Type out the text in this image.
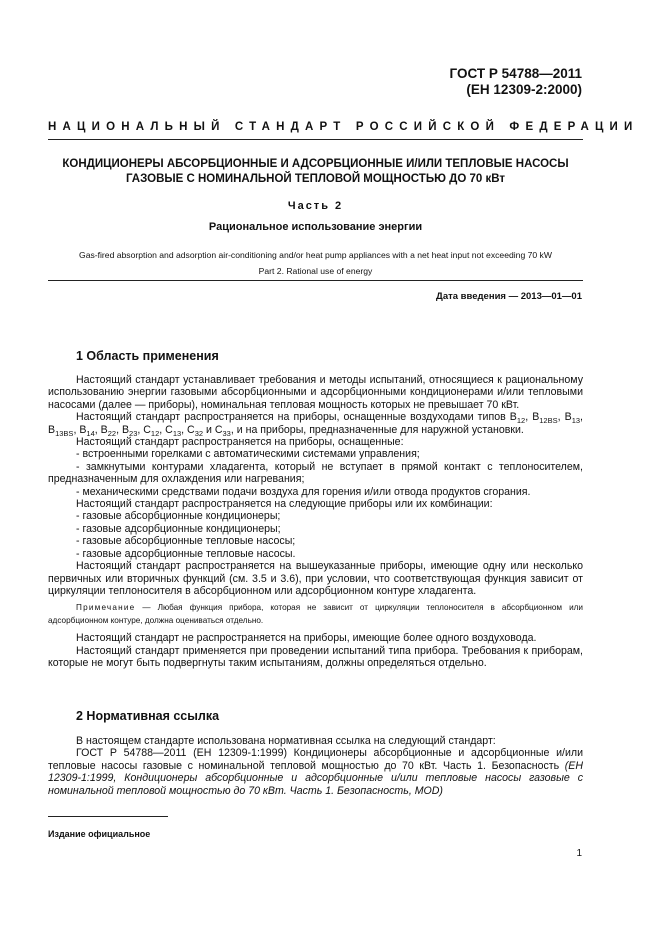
ГОСТ Р 54788—2011
(ЕН 12309-2:2000)
НАЦИОНАЛЬНЫЙ СТАНДАРТ РОССИЙСКОЙ ФЕДЕРАЦИИ
КОНДИЦИОНЕРЫ АБСОРБЦИОННЫЕ И АДСОРБЦИОННЫЕ И/ИЛИ ТЕПЛОВЫЕ НАСОСЫ
ГАЗОВЫЕ С НОМИНАЛЬНОЙ ТЕПЛОВОЙ МОЩНОСТЬЮ ДО 70 кВт
Часть 2
Рациональное использование энергии
Gas-fired absorption and adsorption air-conditioning and/or heat pump appliances with a net heat input not exceeding 70 kW
Part 2. Rational use of energy
Дата введения — 2013—01—01
1 Область применения

Настоящий стандарт устанавливает требования и методы испытаний, относящиеся к рациональному использованию энергии газовыми абсорбционными и адсорбционными кондиционерами и/или тепловыми насосами (далее — приборы), номинальная тепловая мощность которых не превышает 70 кВт.

Настоящий стандарт распространяется на приборы, оснащенные воздуходами типов $B_{12}$, $B_{12BS}$, $B_{13}$, $B_{13BS}$, $B_{14}$, $B_{22}$, $B_{23}$, $C_{12}$, $C_{13}$, $C_{32}$ и $C_{33}$, и на приборы, предназначенные для наружной установки.

Настоящий стандарт распространяется на приборы, оснащенные:

- встроенными горелками с автоматическими системами управления;

- замкнутыми контурами хладагента, который не вступает в прямой контакт с теплоносителем, предназначенным для охлаждения или нагревания;

- механическими средствами подачи воздуха для горения и/или отвода продуктов сгорания.

Настоящий стандарт распространяется на следующие приборы или их комбинации:

- газовые абсорбционные кондиционеры;

- газовые адсорбционные кондиционеры;

- газовые абсорбционные тепловые насосы;

- газовые адсорбционные тепловые насосы.

Настоящий стандарт распространяется на вышеуказанные приборы, имеющие одну или несколько первичных или вторичных функций (см. 3.5 и 3.6), при условии, что соответствующая функция зависит от циркуляции теплоносителя в абсорбционном или адсорбционном контуре хладагента.

Примечание — Любая функция прибора, которая не зависит от циркуляции теплоносителя в абсорбционном или адсорбционном контуре, должна оцениваться отдельно.

Настоящий стандарт не распространяется на приборы, имеющие более одного воздуховода.

Настоящий стандарт применяется при проведении испытаний типа прибора. Требования к приборам, которые не могут быть подвергнуты таким испытаниям, должны определяться отдельно.

2 Нормативная ссылка

В настоящем стандарте использована нормативная ссылка на следующий стандарт:

ГОСТ Р 54788—2011 (ЕН 12309-1:1999) Кондиционеры абсорбционные и адсорбционные и/или тепловые насосы газовые с номинальной тепловой мощностью до 70 кВт. Часть 1. Безопасность (ЕН 12309-1:1999, Кондиционеры абсорбционные и адсорбционные и/или тепловые насосы газовые с номинальной тепловой мощностью до 70 кВт. Часть 1. Безопасность, MOD)

Издание официальное
1
